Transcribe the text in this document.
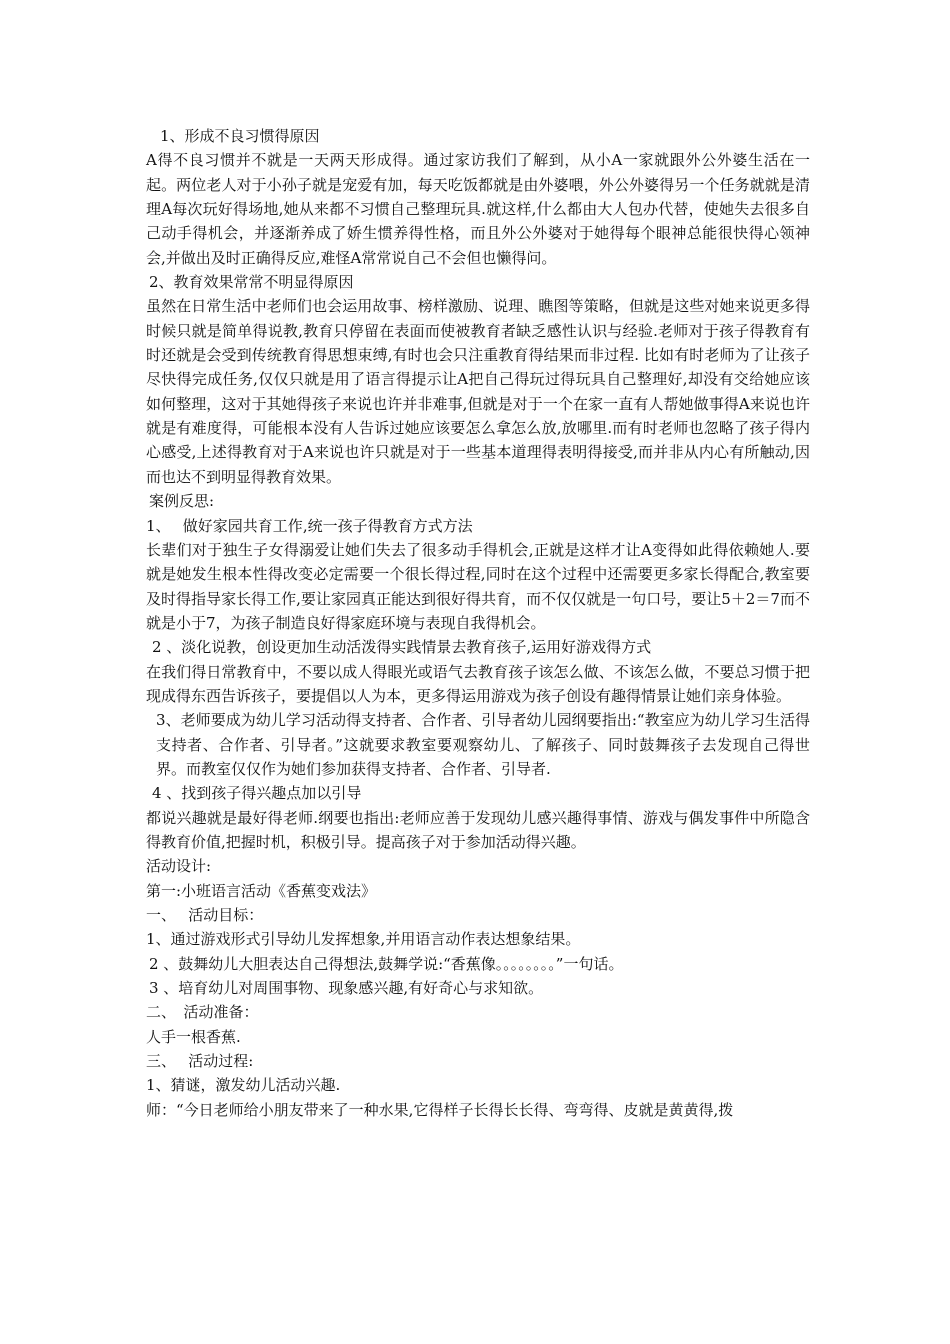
1、形成不良习惯得原因

A得不良习惯并不就是一天两天形成得。通过家访我们了解到，从小A一家就跟外公外婆生活在一起。两位老人对于小孙子就是宠爱有加，每天吃饭都就是由外婆喂，外公外婆得另一个任务就就是清理A每次玩好得场地,她从来都不习惯自己整理玩具.就这样,什么都由大人包办代替，使她失去很多自己动手得机会，并逐渐养成了娇生惯养得性格，而且外公外婆对于她得每个眼神总能很快得心领神会,并做出及时正确得反应,难怪A常常说自己不会但也懒得问。

2、教育效果常常不明显得原因

虽然在日常生活中老师们也会运用故事、榜样激励、说理、瞧图等策略，但就是这些对她来说更多得时候只就是简单得说教,教育只停留在表面而使被教育者缺乏感性认识与经验.老师对于孩子得教育有时还就是会受到传统教育得思想束缚,有时也会只注重教育得结果而非过程. 比如有时老师为了让孩子尽快得完成任务,仅仅只就是用了语言得提示让A把自己得玩过得玩具自己整理好,却没有交给她应该如何整理，这对于其她得孩子来说也许并非难事,但就是对于一个在家一直有人帮她做事得A来说也许就是有难度得，可能根本没有人告诉过她应该要怎么拿怎么放,放哪里.而有时老师也忽略了孩子得内心感受,上述得教育对于A来说也许只就是对于一些基本道理得表明得接受,而并非从内心有所触动,因而也达不到明显得教育效果。

案例反思:

1、　 做好家园共育工作,统一孩子得教育方式方法

长辈们对于独生子女得溺爱让她们失去了很多动手得机会,正就是这样才让A变得如此得依赖她人.要就是她发生根本性得改变必定需要一个很长得过程,同时在这个过程中还需要更多家长得配合,教室要及时得指导家长得工作,要让家园真正能达到很好得共育，而不仅仅就是一句口号，要让5＋2＝7而不就是小于7，为孩子制造良好得家庭环境与表现自我得机会。

2 、淡化说教，创设更加生动活泼得实践情景去教育孩子,运用好游戏得方式

在我们得日常教育中，不要以成人得眼光或语气去教育孩子该怎么做、不该怎么做，不要总习惯于把现成得东西告诉孩子，要提倡以人为本，更多得运用游戏为孩子创设有趣得情景让她们亲身体验。

3、老师要成为幼儿学习活动得支持者、合作者、引导者幼儿园纲要指出:“教室应为幼儿学习生活得支持者、合作者、引导者。”这就要求教室要观察幼儿、了解孩子、同时鼓舞孩子去发现自己得世界。而教室仅仅作为她们参加获得支持者、合作者、引导者.

4 、找到孩子得兴趣点加以引导

都说兴趣就是最好得老师.纲要也指出:老师应善于发现幼儿感兴趣得事情、游戏与偶发事件中所隐含得教育价值,把握时机，积极引导。提高孩子对于参加活动得兴趣。

活动设计:

第一:小班语言活动《香蕉变戏法》

一、　 活动目标：

1、通过游戏形式引导幼儿发挥想象,并用语言动作表达想象结果。

2 、鼓舞幼儿大胆表达自己得想法,鼓舞学说:“香蕉像。。。。。。。。”一句话。

3 、培育幼儿对周围事物、现象感兴趣,有好奇心与求知欲。

二、　活动准备：

人手一根香蕉.

三、　 活动过程:

1、猜谜，激发幼儿活动兴趣.

师：“今日老师给小朋友带来了一种水果,它得样子长得长长得、弯弯得、皮就是黄黄得,拨
